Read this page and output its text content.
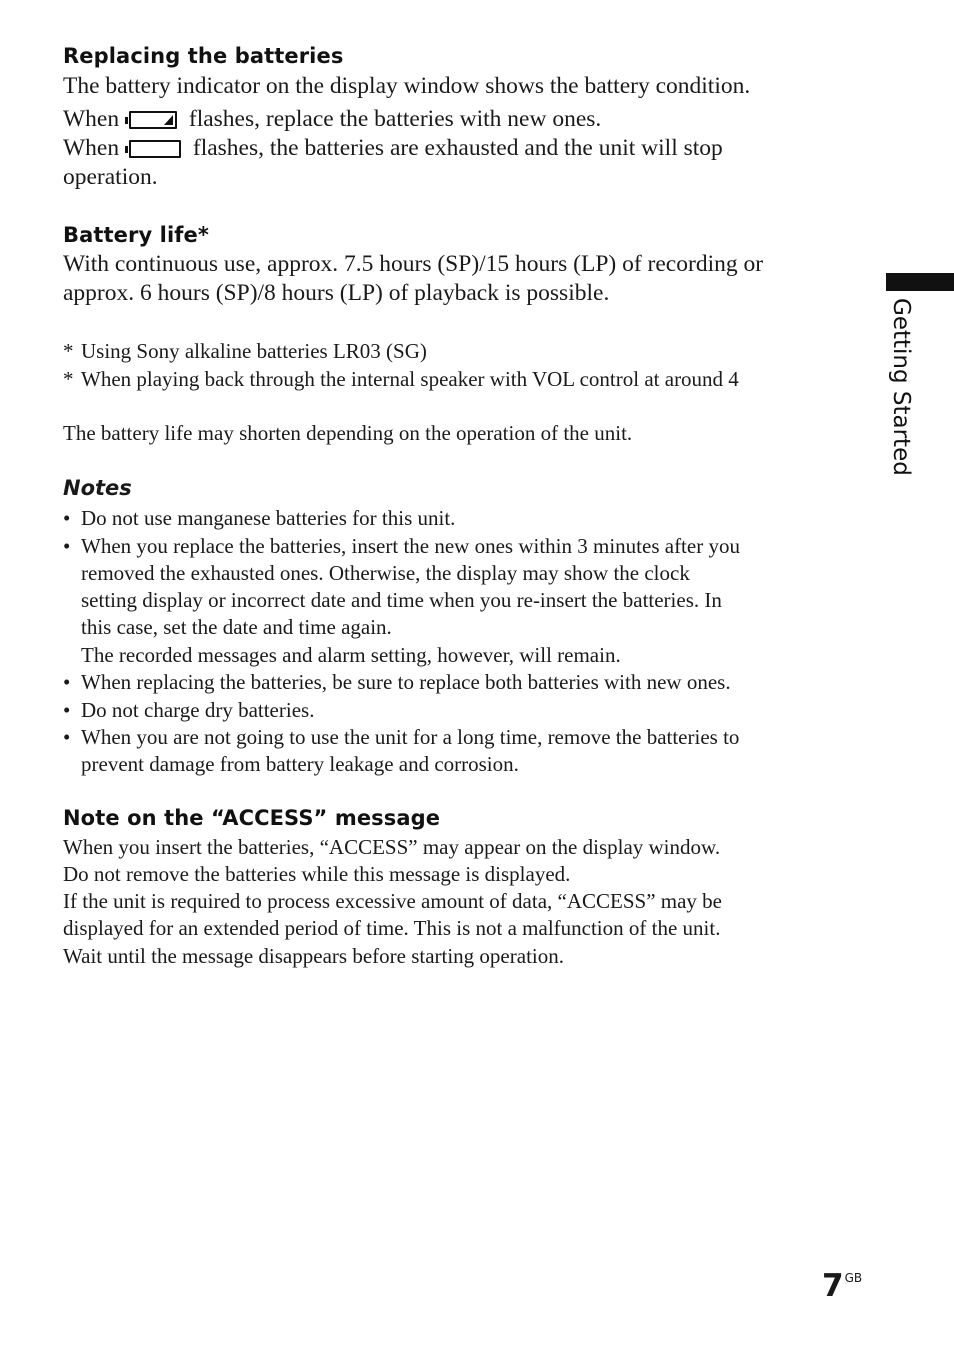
Getting Started
Replacing the batteries
The battery indicator on the display window shows the battery condition.
When	flashes, replace the batteries with new ones.
When	flashes, the batteries are exhausted and the unit will stop
operation.
Battery life*
With continuous use, approx. 7.5 hours (SP)/15 hours (LP) of recording or
approx. 6 hours (SP)/8 hours (LP) of playback is possible.
* Using Sony alkaline batteries LR03 (SG)
* When playing back through the internal speaker with VOL control at around 4
The battery life may shorten depending on the operation of the unit.
Notes
• Do not use manganese batteries for this unit.
• When you replace the batteries, insert the new ones within 3 minutes after you
removed the exhausted ones. Otherwise, the display may show the clock
setting display or incorrect date and time when you re-insert the batteries. In
this case, set the date and time again.
The recorded messages and alarm setting, however, will remain.
• When replacing the batteries, be sure to replace both batteries with new ones.
• Do not charge dry batteries.
• When you are not going to use the unit for a long time, remove the batteries to
prevent damage from battery leakage and corrosion.
Note on the “ACCESS” message
When you insert the batteries, “ACCESS” may appear on the display window.
Do not remove the batteries while this message is displayed.
If the unit is required to process excessive amount of data, “ACCESS” may be
displayed for an extended period of time. This is not a malfunction of the unit.
Wait until the message disappears before starting operation.
$7^{GB}$
